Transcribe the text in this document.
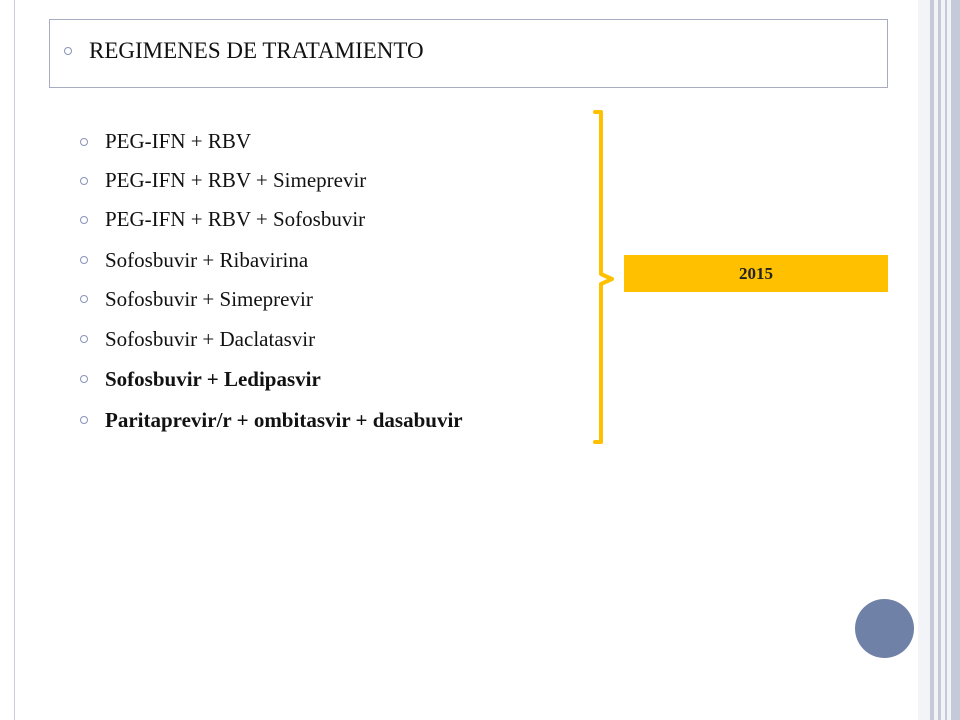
REGIMENES DE TRATAMIENTO
PEG-IFN + RBV
PEG-IFN + RBV + Simeprevir
PEG-IFN + RBV + Sofosbuvir
Sofosbuvir + Ribavirina
Sofosbuvir + Simeprevir
Sofosbuvir + Daclatasvir
Sofosbuvir + Ledipasvir
Paritaprevir/r + ombitasvir + dasabuvir
2015
